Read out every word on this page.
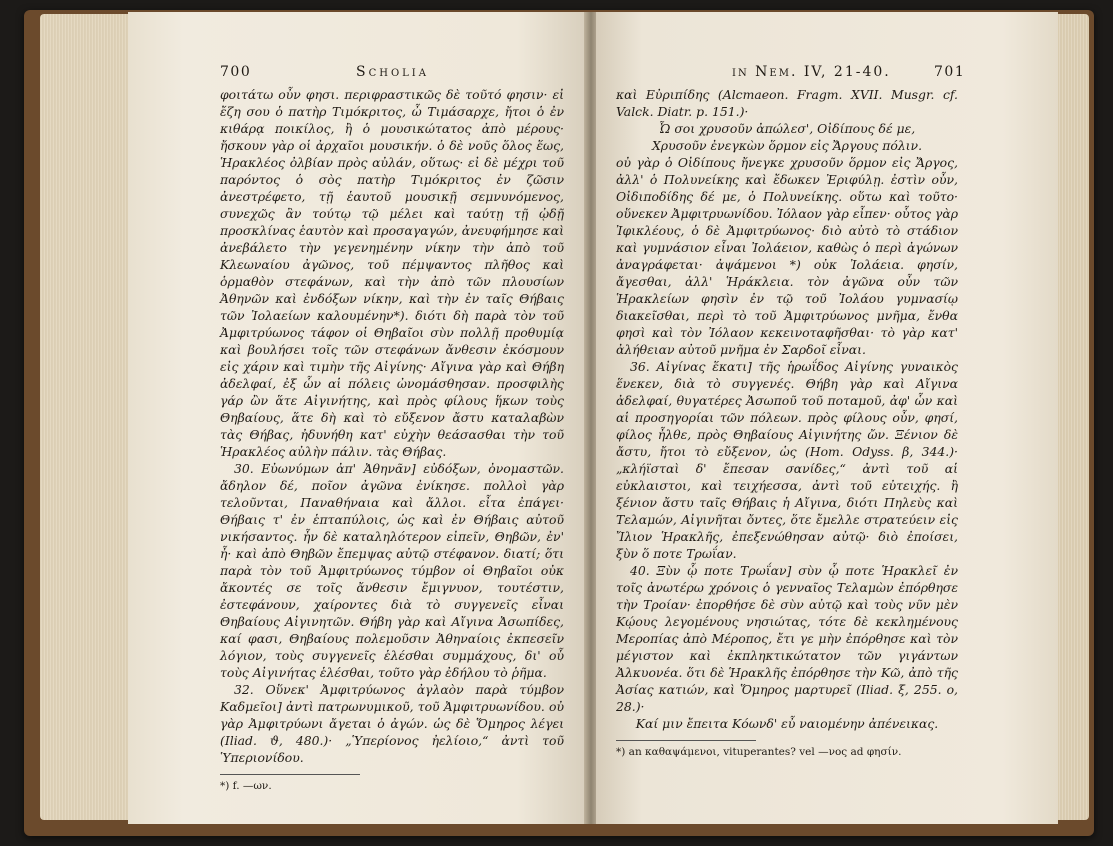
700	Scholia

φοιτάτω οὖν φησι. περιφραστικῶς δὲ τοῦτό φησιν· εἰ ἔζη σου ὁ πατὴρ Τιμόκριτος, ὦ Τιμάσαρχε, ἤτοι ὁ ἐν κιθάρᾳ ποικίλος, ἢ ὁ μουσικώτατος ἀπὸ μέρους· ἤσκουν γὰρ οἱ ἀρχαῖοι μουσικήν. ὁ δὲ νοῦς ὅλος ἕως, Ἡρακλέος ὀλβίαν πρὸς αὐλάν, οὕτως· εἰ δὲ μέχρι τοῦ παρόντος ὁ σὸς πατὴρ Τιμόκριτος ἐν ζῶσιν ἀνεστρέφετο, τῇ ἑαυτοῦ μουσικῇ σεμνυνόμενος, συνεχῶς ἂν τούτῳ τῷ μέλει καὶ ταύτῃ τῇ ᾠδῇ προσκλίνας ἑαυτὸν καὶ προσαγαγών, ἀνευφήμησε καὶ ἀνεβάλετο τὴν γεγενημένην νίκην τὴν ἀπὸ τοῦ Κλεωναίου ἀγῶνος, τοῦ πέμψαντος πλῆθος καὶ ὁρμαθὸν στεφάνων, καὶ τὴν ἀπὸ τῶν πλουσίων Ἀθηνῶν καὶ ἐνδόξων νίκην, καὶ τὴν ἐν ταῖς Θήβαις τῶν Ἰολαείων καλουμένην*). διότι δὴ παρὰ τὸν τοῦ Ἀμφιτρύωνος τάφον οἱ Θηβαῖοι σὺν πολλῇ προθυμίᾳ καὶ βουλήσει τοῖς τῶν στεφάνων ἄνθεσιν ἐκόσμουν εἰς χάριν καὶ τιμὴν τῆς Αἰγίνης· Αἴγινα γὰρ καὶ Θήβη ἀδελφαί, ἐξ ὧν αἱ πόλεις ὠνομάσθησαν. προσφιλὴς γάρ ὢν ἅτε Αἰγινήτης, καὶ πρὸς φίλους ἥκων τοὺς Θηβαίους, ἅτε δὴ καὶ τὸ εὔξενον ἄστυ καταλαβὼν τὰς Θήβας, ἠδυνήθη κατ' εὐχὴν θεάσασθαι τὴν τοῦ Ἡρακλέος αὐλὴν πάλιν. τὰς Θήβας.

30. Εὐωνύμων ἀπ' Ἀθηνᾶν] εὐδόξων, ὀνομαστῶν. ἄδηλον δέ, ποῖον ἀγῶνα ἐνίκησε. πολλοὶ γὰρ τελοῦνται, Παναθήναια καὶ ἄλλοι. εἶτα ἐπάγει· Θήβαις τ' ἐν ἑπταπύλοις, ὡς καὶ ἐν Θήβαις αὐτοῦ νικήσαντος. ἦν δὲ καταληλότερον εἰπεῖν, Θηβῶν, ἐν' ἦ· καὶ ἀπὸ Θηβῶν ἔπεμψας αὐτῷ στέφανον. διατί; ὅτι παρὰ τὸν τοῦ Ἀμφιτρύωνος τύμβον οἱ Θηβαῖοι οὐκ ἄκοντές σε τοῖς ἄνθεσιν ἔμιγνυον, τουτέστιν, ἐστεφάνουν, χαίροντες διὰ τὸ συγγενεῖς εἶναι Θηβαίους Αἰγινητῶν. Θήβη γὰρ καὶ Αἴγινα Ἀσωπίδες, καί φασι, Θηβαίους πολεμοῦσιν Ἀθηναίοις ἐκπεσεῖν λόγιον, τοὺς συγγενεῖς ἑλέσθαι συμμάχους, δι' οὗ τοὺς Αἰγινήτας ἑλέσθαι, τοῦτο γὰρ ἐδήλου τὸ ῥῆμα.

32. Οὕνεκ' Ἀμφιτρύωνος ἀγλαὸν παρὰ τύμβον Καδμεῖοι] ἀντὶ πατρωνυμικοῦ, τοῦ Ἀμφιτρυωνίδου. οὐ γὰρ Ἀμφιτρύωνι ἄγεται ὁ ἀγών. ὡς δὲ Ὅμηρος λέγει (Iliad. ϑ, 480.)· „Ὑπερίονος ἠελίοιο,“ ἀντὶ τοῦ Ὑπεριονίδου.

*) f. —ων.

in Nem. IV, 21-40.	701

καὶ Εὐριπίδης (Alcmaeon. Fragm. XVII. Musgr. cf. Valck. Diatr. p. 151.)·

Ὦ σοι χρυσοῦν ἀπώλεσ', Οἰδίπους δέ με,

Χρυσοῦν ἐνεγκὼν ὅρμον εἰς Ἄργους πόλιν.

οὐ γὰρ ὁ Οἰδίπους ἤνεγκε χρυσοῦν ὅρμον εἰς Ἄργος, ἀλλ' ὁ Πολυνείκης καὶ ἔδωκεν Ἐριφύλῃ. ἐστὶν οὖν, Οἰδιποδίδης δέ με, ὁ Πολυνείκης. οὕτω καὶ τοῦτο· οὕνεκεν Ἀμφιτρυωνίδου. Ἰόλαον γὰρ εἶπεν· οὗτος γὰρ Ἰφικλέους, ὁ δὲ Ἀμφιτρύωνος· διὸ αὐτὸ τὸ στάδιον καὶ γυμνάσιον εἶναι Ἰολάειον, καθὼς ὁ περὶ ἀγώνων ἀναγράφεται· ἀψάμενοι *) οὐκ Ἰολάεια. φησίν, ἄγεσθαι, ἀλλ' Ἡράκλεια. τὸν ἀγῶνα οὖν τῶν Ἡρακλείων φησὶν ἐν τῷ τοῦ Ἰολάου γυμνασίῳ διακεῖσθαι, περὶ τὸ τοῦ Ἀμφιτρύωνος μνῆμα, ἔνθα φησὶ καὶ τὸν Ἰόλαον κεκεινοταφῆσθαι· τὸ γὰρ κατ' ἀλήθειαν αὐτοῦ μνῆμα ἐν Σαρδοῖ εἶναι.

36. Αἰγίνας ἕκατι] τῆς ἡρωΐδος Αἰγίνης γυναικὸς ἕνεκεν, διὰ τὸ συγγενές. Θήβη γὰρ καὶ Αἴγινα ἀδελφαί, θυγατέρες Ἀσωποῦ τοῦ ποταμοῦ, ἀφ' ὧν καὶ αἱ προσηγορίαι τῶν πόλεων. πρὸς φίλους οὖν, φησί, φίλος ἦλθε, πρὸς Θηβαίους Αἰγινήτης ὤν. Ξένιον δὲ ἄστυ, ἤτοι τὸ εὔξενον, ὡς (Hom. Odyss. β, 344.)· „κλήϊσταὶ δ' ἔπεσαν σανίδες,“ ἀντὶ τοῦ αἱ εὐκλαιστοι, καὶ τειχήεσσα, ἀντὶ τοῦ εὐτειχής. ἢ ξένιον ἄστυ ταῖς Θήβαις ἡ Αἴγινα, διότι Πηλεὺς καὶ Τελαμών, Αἰγινῆται ὄντες, ὅτε ἔμελλε στρατεύειν εἰς Ἴλιον Ἡρακλῆς, ἐπεξενώθησαν αὐτῷ· διὸ ἐποίσει, ξὺν ὅ ποτε Τρωΐαν.

40. Ξὺν ᾧ ποτε Τρωΐαν] σὺν ᾧ ποτε Ἡρακλεῖ ἐν τοῖς ἀνωτέρω χρόνοις ὁ γενναῖος Τελαμὼν ἐπόρθησε τὴν Τροίαν· ἐπορθήσε δὲ σὺν αὐτῷ καὶ τοὺς νῦν μὲν Κῴους λεγομένους νησιώτας, τότε δὲ κεκλημένους Μεροπίας ἀπὸ Μέροπος, ἔτι γε μὴν ἐπόρθησε καὶ τὸν μέγιστον καὶ ἐκπληκτικώτατον τῶν γιγάντων Ἀλκυονέα. ὅτι δὲ Ἡρακλῆς ἐπόρθησε τὴν Κῶ, ἀπὸ τῆς Ἀσίας κατιών, καὶ Ὅμηρος μαρτυρεῖ (Iliad. ξ, 255. ο, 28.)·

Καί μιν ἔπειτα Κόωνδ' εὖ ναιομένην ἀπένεικας.

*) an καθαψάμενοι, vituperantes? vel —νος ad φησίν.
